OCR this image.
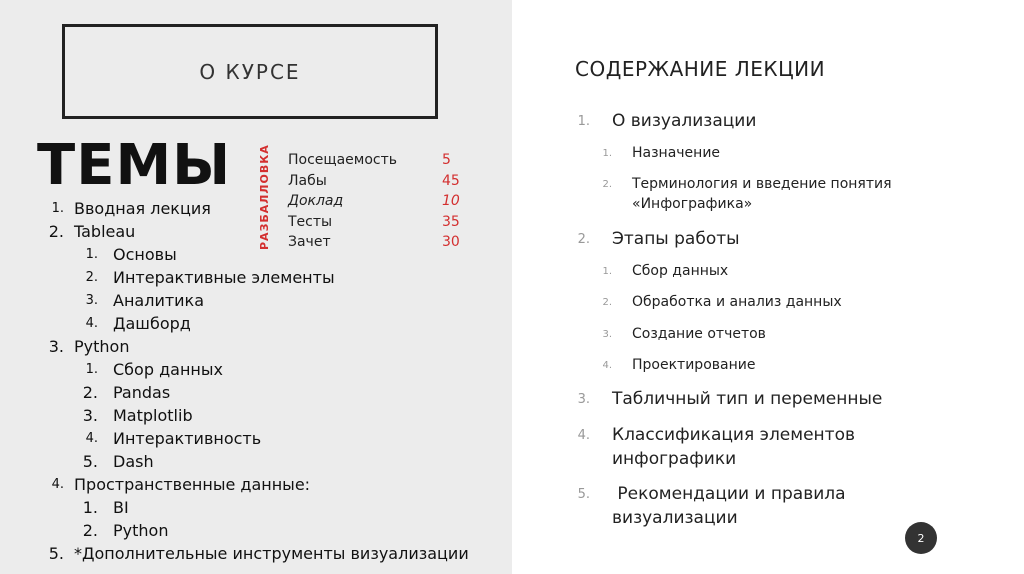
О КУРСЕ
ТЕМЫ РАЗБАЛЛОВКА Посещаемость	5
Лабы	45
Доклад	10
Тесты	35
Зачет	30
1. Вводная лекция
2. Tableau
1. Основы
2. Интерактивные элементы
3. Аналитика
4. Дашборд
3. Python
1. Сбор данных
2. Pandas
3. Matplotlib
4. Интерактивность
5. Dash
4. Пространственные данные:
1. BI
2. Python
5. *Дополнительные инструменты визуализации
СОДЕРЖАНИЕ ЛЕКЦИИ
1. О визуализации
1. Назначение
2. Терминология и введение понятия
«Инфографика»
2. Этапы работы
1. Сбор данных
2. Обработка и анализ данных
3. Создание отчетов
4. Проектирование
3. Табличный тип и переменные
4. Классификация элементов
инфографики
5. Рекомендации и правила
визуализации
2
